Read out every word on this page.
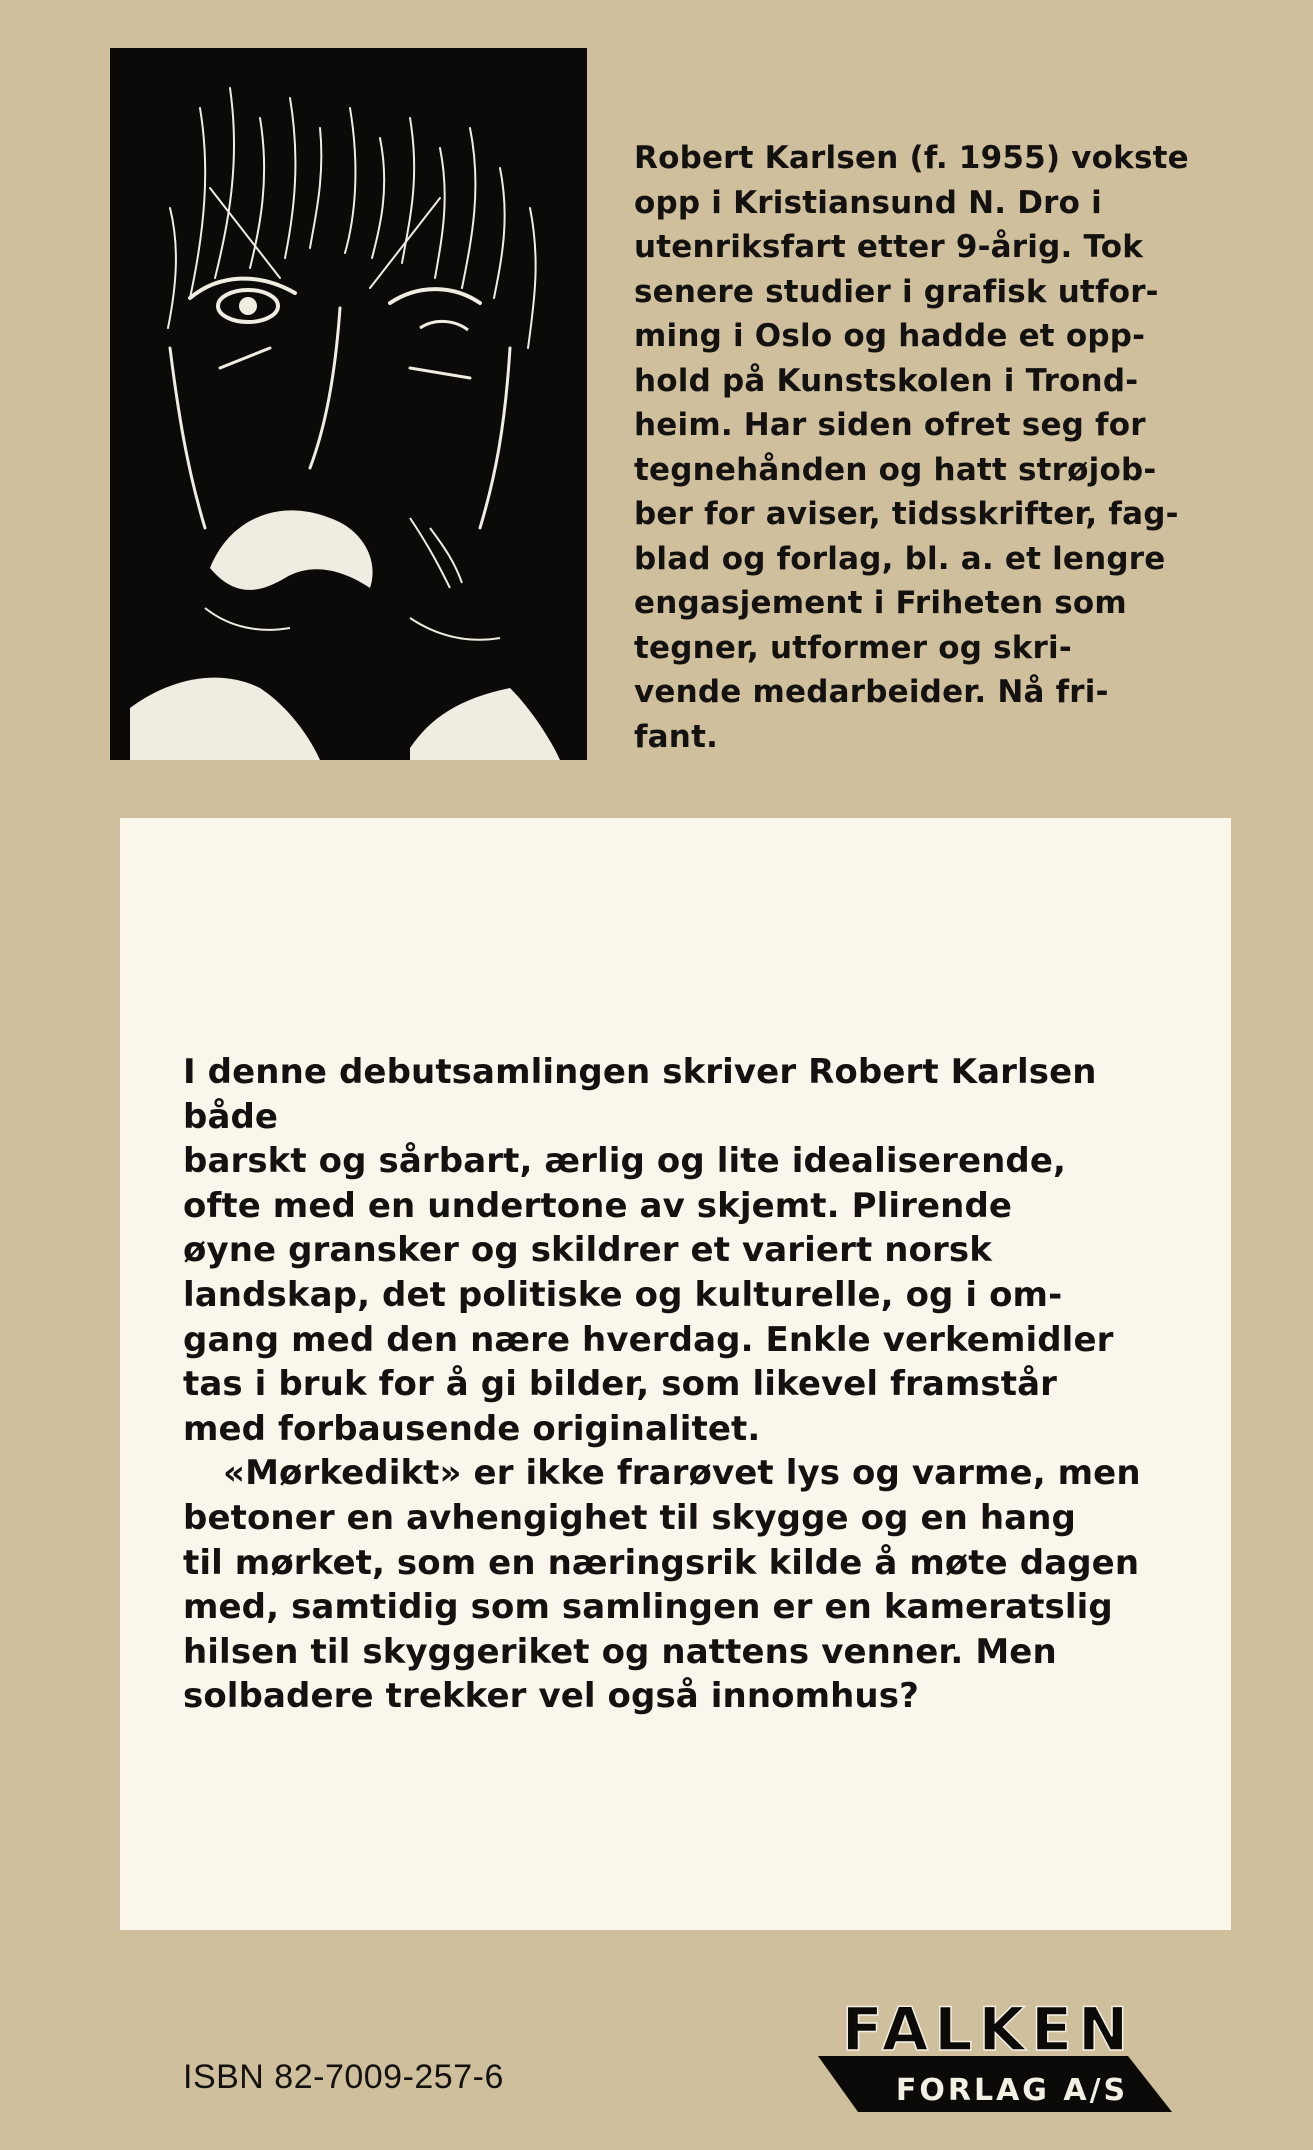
Robert Karlsen (f. 1955) vokste
opp i Kristiansund N. Dro i
utenriksfart etter 9-årig. Tok
senere studier i grafisk utfor-
ming i Oslo og hadde et opp-
hold på Kunstskolen i Trond-
heim. Har siden ofret seg for
tegnehånden og hatt strøjob-
ber for aviser, tidsskrifter, fag-
blad og forlag, bl. a. et lengre
engasjement i Friheten som
tegner, utformer og skri-
vende medarbeider. Nå fri-
fant.

I denne debutsamlingen skriver Robert Karlsen både
barskt og sårbart, ærlig og lite idealiserende,
ofte med en undertone av skjemt. Plirende
øyne gransker og skildrer et variert norsk
landskap, det politiske og kulturelle, og i om-
gang med den nære hverdag. Enkle verkemidler
tas i bruk for å gi bilder, som likevel framstår
med forbausende originalitet.

«Mørkedikt» er ikke frarøvet lys og varme, men
betoner en avhengighet til skygge og en hang
til mørket, som en næringsrik kilde å møte dagen
med, samtidig som samlingen er en kameratslig
hilsen til skyggeriket og nattens venner. Men
solbadere trekker vel også innomhus?

ISBN 82-7009-257-6
FALKEN
FORLAG A/S
